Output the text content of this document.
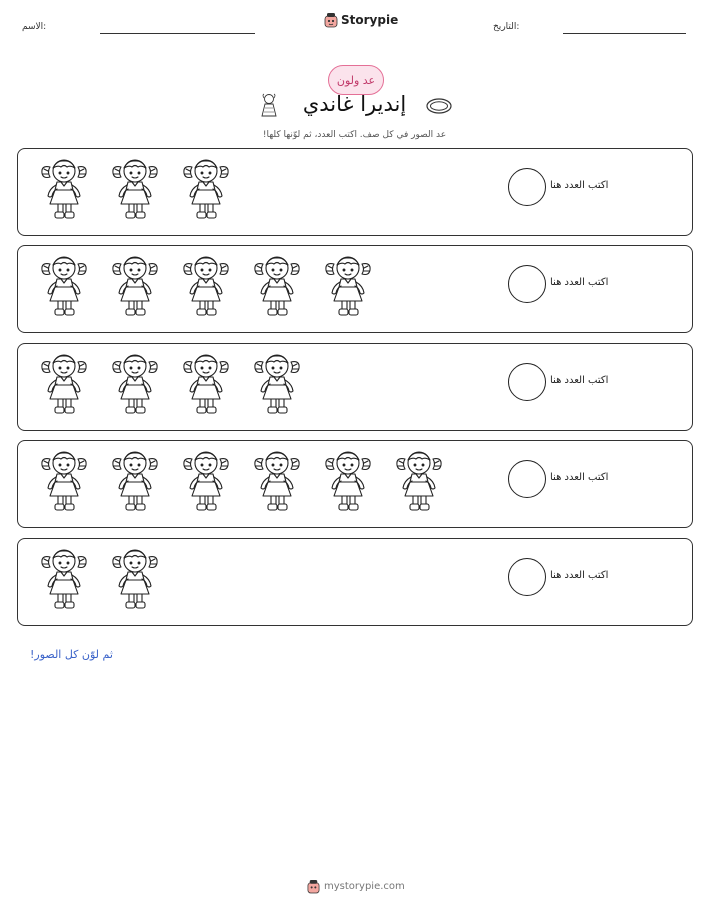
الاسم:	Storypie	التاريخ:
عد ولون
إنديرا غاندي
عد الصور في كل صف. اكتب العدد، ثم لوّنها كلها!
اكتب العدد هنا
اكتب العدد هنا
اكتب العدد هنا
اكتب العدد هنا
اكتب العدد هنا
ثم لوّن كل الصور!
mystorypie.com
